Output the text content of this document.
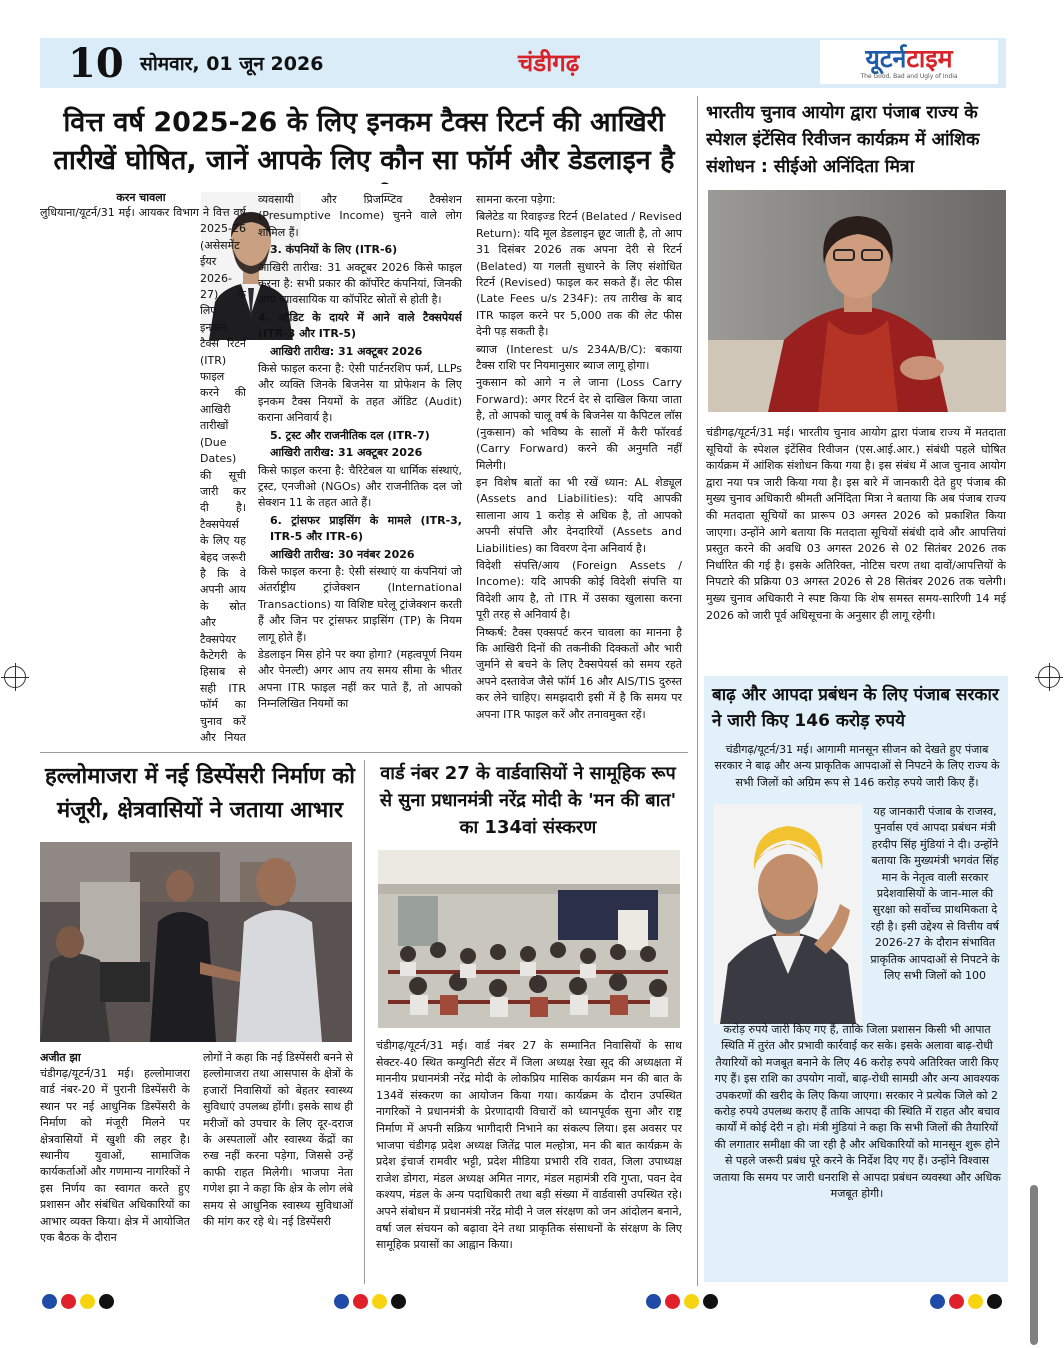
10 सोमवार, 01 जून 2026	चंडीगढ़	यूटर्नटाइम
The Good, Bad and Ugly of India
वित्त वर्ष 2025-26 के लिए इनकम टैक्स रिटर्न की आखिरी तारीखें घोषित, जानें आपके लिए कौन सा फॉर्म और डेडलाइन है
करन चावला

लुधियाना/यूटर्न/31 मई। आयकर विभाग ने वित्त वर्ष 2025-26 (असेसमेंट ईयर 2026-27) के लिए इनकम टैक्स रिटर्न (ITR) फाइल करने की आखिरी तारीखों (Due Dates) की सूची जारी कर दी है। टैक्सपेयर्स के लिए यह बेहद जरूरी है कि वे अपनी आय के स्रोत और टैक्सपेयर कैटेगरी के हिसाब से सही ITR फॉर्म का चुनाव करें और नियत

व्यवसायी और प्रिजम्प्टिव टैक्सेशन (Presumptive Income) चुनने वाले लोग शामिल हैं।

3. कंपनियों के लिए (ITR-6)

आखिरी तारीख: 31 अक्टूबर 2026 किसे फाइल करना है: सभी प्रकार की कॉर्पोरेट कंपनियां, जिनकी आय व्यावसायिक या कॉर्पोरेट स्रोतों से होती है।

4. ऑडिट के दायरे में आने वाले टैक्सपेयर्स (ITR-3 और ITR-5)

आखिरी तारीख: 31 अक्टूबर 2026

किसे फाइल करना है: ऐसी पार्टनरशिप फर्म, LLPs और व्यक्ति जिनके बिजनेस या प्रोफेशन के लिए इनकम टैक्स नियमों के तहत ऑडिट (Audit) कराना अनिवार्य है।

5. ट्रस्ट और राजनीतिक दल (ITR-7)

आखिरी तारीख: 31 अक्टूबर 2026

किसे फाइल करना है: चैरिटेबल या धार्मिक संस्थाएं, ट्रस्ट, एनजीओ (NGOs) और राजनीतिक दल जो सेक्शन 11 के तहत आते हैं।

6. ट्रांसफर प्राइसिंग के मामले (ITR-3, ITR-5 और ITR-6)

आखिरी तारीख: 30 नवंबर 2026

किसे फाइल करना है: ऐसी संस्थाएं या कंपनियां जो अंतर्राष्ट्रीय ट्रांजेक्शन (International Transactions) या विशिष्ट घरेलू ट्रांजेक्शन करती हैं और जिन पर ट्रांसफर प्राइसिंग (TP) के नियम लागू होते हैं।

डेडलाइन मिस होने पर क्या होगा? (महत्वपूर्ण नियम और पेनल्टी) अगर आप तय समय सीमा के भीतर अपना ITR फाइल नहीं कर पाते हैं, तो आपको निम्नलिखित नियमों का

सामना करना पड़ेगा:

बिलेटेड या रिवाइज्ड रिटर्न (Belated / Revised Return): यदि मूल डेडलाइन छूट जाती है, तो आप 31 दिसंबर 2026 तक अपना देरी से रिटर्न (Belated) या गलती सुधारने के लिए संशोधित रिटर्न (Revised) फाइल कर सकते हैं। लेट फीस (Late Fees u/s 234F): तय तारीख के बाद ITR फाइल करने पर 5,000 तक की लेट फीस देनी पड़ सकती है।

ब्याज (Interest u/s 234A/B/C): बकाया टैक्स राशि पर नियमानुसार ब्याज लागू होगा।

नुकसान को आगे न ले जाना (Loss Carry Forward): अगर रिटर्न देर से दाखिल किया जाता है, तो आपको चालू वर्ष के बिजनेस या कैपिटल लॉस (नुकसान) को भविष्य के सालों में कैरी फॉरवर्ड (Carry Forward) करने की अनुमति नहीं मिलेगी।

इन विशेष बातों का भी रखें ध्यान: AL शेड्यूल (Assets and Liabilities): यदि आपकी सालाना आय 1 करोड़ से अधिक है, तो आपको अपनी संपत्ति और देनदारियों (Assets and Liabilities) का विवरण देना अनिवार्य है।

विदेशी संपत्ति/आय (Foreign Assets / Income): यदि आपकी कोई विदेशी संपत्ति या विदेशी आय है, तो ITR में उसका खुलासा करना पूरी तरह से अनिवार्य है।

निष्कर्ष: टैक्स एक्सपर्ट करन चावला का मानना है कि आखिरी दिनों की तकनीकी दिक्कतों और भारी जुर्माने से बचने के लिए टैक्सपेयर्स को समय रहते अपने दस्तावेज जैसे फॉर्म 16 और AIS/TIS दुरुस्त कर लेने चाहिए। समझदारी इसी में है कि समय पर अपना ITR फाइल करें और तनावमुक्त रहें।

भारतीय चुनाव आयोग द्वारा पंजाब राज्य के स्पेशल इंटेंसिव रिवीजन कार्यक्रम में आंशिक संशोधन : सीईओ अनिंदिता मित्रा

चंडीगढ़/यूटर्न/31 मई। भारतीय चुनाव आयोग द्वारा पंजाब राज्य में मतदाता सूचियों के स्पेशल इंटेंसिव रिवीजन (एस.आई.आर.) संबंधी पहले घोषित कार्यक्रम में आंशिक संशोधन किया गया है। इस संबंध में आज चुनाव आयोग द्वारा नया पत्र जारी किया गया है। इस बारे में जानकारी देते हुए पंजाब की मुख्य चुनाव अधिकारी श्रीमती अनिंदिता मित्रा ने बताया कि अब पंजाब राज्य की मतदाता सूचियों का प्रारूप 03 अगस्त 2026 को प्रकाशित किया जाएगा। उन्होंने आगे बताया कि मतदाता सूचियों संबंधी दावे और आपत्तियां प्रस्तुत करने की अवधि 03 अगस्त 2026 से 02 सितंबर 2026 तक निर्धारित की गई है। इसके अतिरिक्त, नोटिस चरण तथा दावों/आपत्तियों के निपटारे की प्रक्रिया 03 अगस्त 2026 से 28 सितंबर 2026 तक चलेगी। मुख्य चुनाव अधिकारी ने स्पष्ट किया कि शेष समस्त समय-सारिणी 14 मई 2026 को जारी पूर्व अधिसूचना के अनुसार ही लागू रहेगी।

बाढ़ और आपदा प्रबंधन के लिए पंजाब सरकार ने जारी किए 146 करोड़ रुपये

चंडीगढ़/यूटर्न/31 मई। आगामी मानसून सीजन को देखते हुए पंजाब सरकार ने बाढ़ और अन्य प्राकृतिक आपदाओं से निपटने के लिए राज्य के सभी जिलों को अग्रिम रूप से 146 करोड़ रुपये जारी किए हैं।

यह जानकारी पंजाब के राजस्व, पुनर्वास एवं आपदा प्रबंधन मंत्री हरदीप सिंह मुंडियां ने दी। उन्होंने बताया कि मुख्यमंत्री भगवंत सिंह मान के नेतृत्व वाली सरकार प्रदेशवासियों के जान-माल की सुरक्षा को सर्वोच्च प्राथमिकता दे रही है। इसी उद्देश्य से वित्तीय वर्ष 2026-27 के दौरान संभावित प्राकृतिक आपदाओं से निपटने के लिए सभी जिलों को 100

करोड़ रुपये जारी किए गए हैं, ताकि जिला प्रशासन किसी भी आपात स्थिति में तुरंत और प्रभावी कार्रवाई कर सके। इसके अलावा बाढ़-रोधी तैयारियों को मजबूत बनाने के लिए 46 करोड़ रुपये अतिरिक्त जारी किए गए हैं। इस राशि का उपयोग नावों, बाढ़-रोधी सामग्री और अन्य आवश्यक उपकरणों की खरीद के लिए किया जाएगा। सरकार ने प्रत्येक जिले को 2 करोड़ रुपये उपलब्ध कराए हैं ताकि आपदा की स्थिति में राहत और बचाव कार्यों में कोई देरी न हो। मंत्री मुंडियां ने कहा कि सभी जिलों की तैयारियों की लगातार समीक्षा की जा रही है और अधिकारियों को मानसून शुरू होने से पहले जरूरी प्रबंध पूरे करने के निर्देश दिए गए हैं। उन्होंने विश्वास जताया कि समय पर जारी धनराशि से आपदा प्रबंधन व्यवस्था और अधिक मजबूत होगी।

हल्लोमाजरा में नई डिस्पेंसरी निर्माण को मंजूरी, क्षेत्रवासियों ने जताया आभार
अजीत झा

चंडीगढ़/यूटर्न/31 मई। हल्लोमाजरा वार्ड नंबर-20 में पुरानी डिस्पेंसरी के स्थान पर नई आधुनिक डिस्पेंसरी के निर्माण को मंजूरी मिलने पर क्षेत्रवासियों में खुशी की लहर है। स्थानीय युवाओं, सामाजिक कार्यकर्ताओं और गणमान्य नागरिकों ने इस निर्णय का स्वागत करते हुए प्रशासन और संबंधित अधिकारियों का आभार व्यक्त किया। क्षेत्र में आयोजित एक बैठक के दौरान

लोगों ने कहा कि नई डिस्पेंसरी बनने से हल्लोमाजरा तथा आसपास के क्षेत्रों के हजारों निवासियों को बेहतर स्वास्थ्य सुविधाएं उपलब्ध होंगी। इसके साथ ही मरीजों को उपचार के लिए दूर-दराज के अस्पतालों और स्वास्थ्य केंद्रों का रुख नहीं करना पड़ेगा, जिससे उन्हें काफी राहत मिलेगी। भाजपा नेता गणेश झा ने कहा कि क्षेत्र के लोग लंबे समय से आधुनिक स्वास्थ्य सुविधाओं की मांग कर रहे थे। नई डिस्पेंसरी

वार्ड नंबर 27 के वार्डवासियों ने सामूहिक रूप से सुना प्रधानमंत्री नरेंद्र मोदी के 'मन की बात' का 134वां संस्करण

चंडीगढ़/यूटर्न/31 मई। वार्ड नंबर 27 के सम्मानित निवासियों के साथ सेक्टर-40 स्थित कम्युनिटी सेंटर में जिला अध्यक्ष रेखा सूद की अध्यक्षता में माननीय प्रधानमंत्री नरेंद्र मोदी के लोकप्रिय मासिक कार्यक्रम मन की बात के 134वें संस्करण का आयोजन किया गया। कार्यक्रम के दौरान उपस्थित नागरिकों ने प्रधानमंत्री के प्रेरणादायी विचारों को ध्यानपूर्वक सुना और राष्ट्र निर्माण में अपनी सक्रिय भागीदारी निभाने का संकल्प लिया। इस अवसर पर भाजपा चंडीगढ़ प्रदेश अध्यक्ष जितेंद्र पाल मल्होत्रा, मन की बात कार्यक्रम के प्रदेश इंचार्ज रामवीर भट्टी, प्रदेश मीडिया प्रभारी रवि रावत, जिला उपाध्यक्ष राजेश डोगरा, मंडल अध्यक्ष अमित नागर, मंडल महामंत्री रवि गुप्ता, पवन देव कश्यप, मंडल के अन्य पदाधिकारी तथा बड़ी संख्या में वार्डवासी उपस्थित रहे। अपने संबोधन में प्रधानमंत्री नरेंद्र मोदी ने जल संरक्षण को जन आंदोलन बनाने, वर्षा जल संचयन को बढ़ावा देने तथा प्राकृतिक संसाधनों के संरक्षण के लिए सामूहिक प्रयासों का आह्वान किया।
